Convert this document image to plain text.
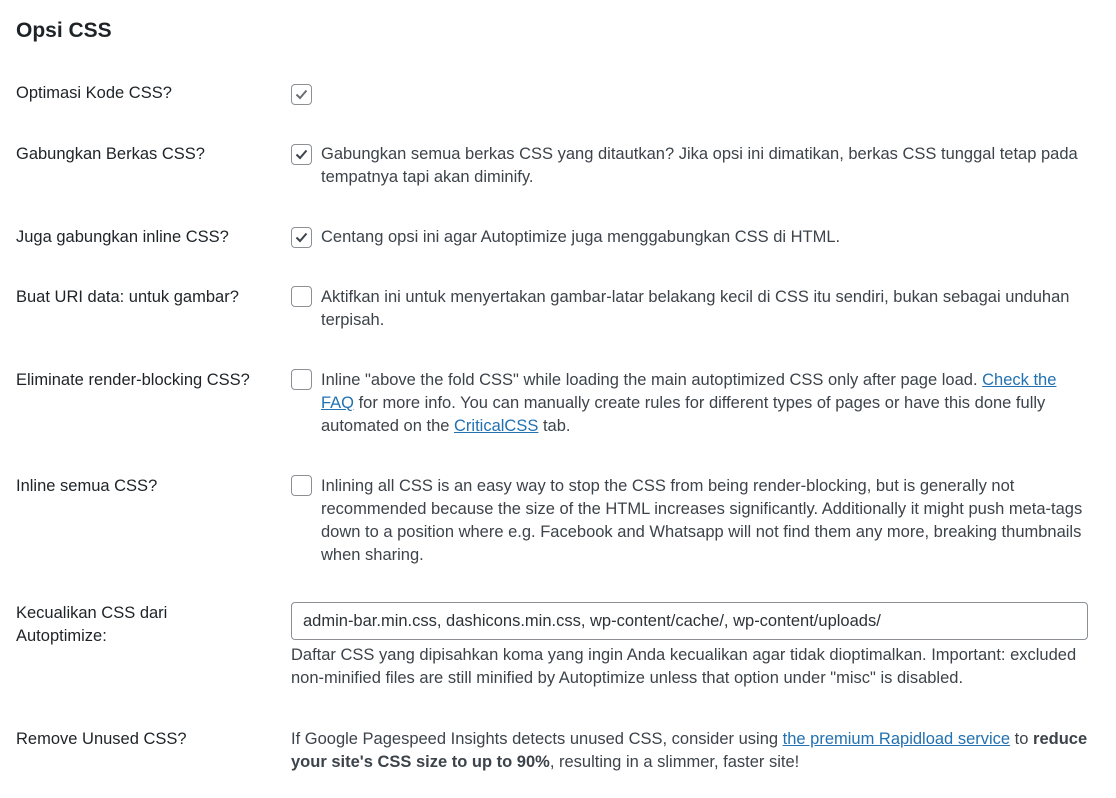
Opsi CSS
Optimasi Kode CSS?
Gabungkan Berkas CSS?	Gabungkan semua berkas CSS yang ditautkan? Jika opsi ini dimatikan, berkas CSS tunggal tetap pada tempatnya tapi akan diminify.
Juga gabungkan inline CSS?	Centang opsi ini agar Autoptimize juga menggabungkan CSS di HTML.
Buat URI data: untuk gambar?	Aktifkan ini untuk menyertakan gambar-latar belakang kecil di CSS itu sendiri, bukan sebagai unduhan terpisah.
Eliminate render-blocking CSS?	Inline "above the fold CSS" while loading the main autoptimized CSS only after page load. Check the FAQ for more info. You can manually create rules for different types of pages or have this done fully automated on the CriticalCSS tab.
Inline semua CSS?	Inlining all CSS is an easy way to stop the CSS from being render-blocking, but is generally not recommended because the size of the HTML increases significantly. Additionally it might push meta-tags down to a position where e.g. Facebook and Whatsapp will not find them any more, breaking thumbnails when sharing.
Kecualikan CSS dari Autoptimize:
admin-bar.min.css, dashicons.min.css, wp-content/cache/, wp-content/uploads/
Daftar CSS yang dipisahkan koma yang ingin Anda kecualikan agar tidak dioptimalkan. Important: excluded non-minified files are still minified by Autoptimize unless that option under "misc" is disabled.
Remove Unused CSS?	If Google Pagespeed Insights detects unused CSS, consider using the premium Rapidload service to reduce your site's CSS size to up to 90%, resulting in a slimmer, faster site!
